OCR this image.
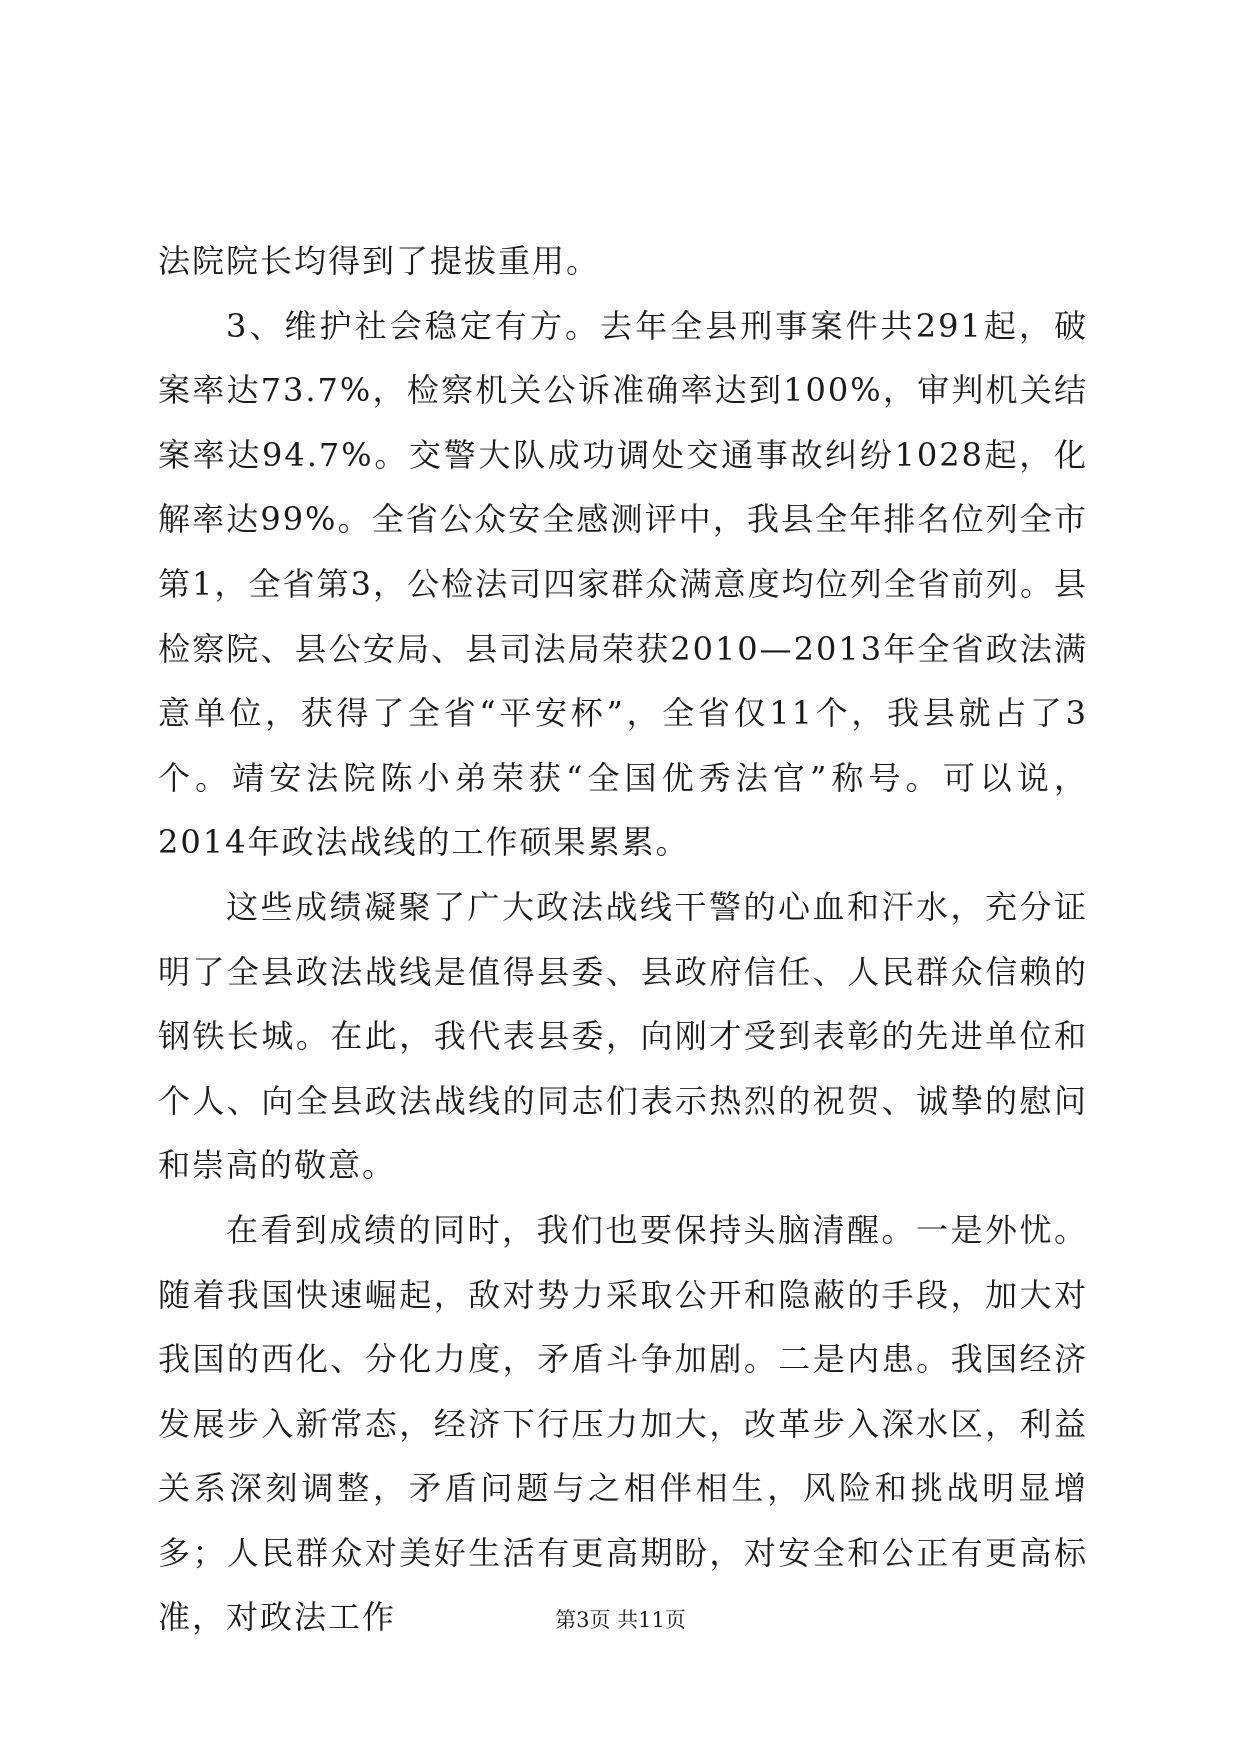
法院院长均得到了提拔重用。

3、维护社会稳定有方。去年全县刑事案件共291起，破案率达73.7%，检察机关公诉准确率达到100%，审判机关结案率达94.7%。交警大队成功调处交通事故纠纷1028起，化解率达99%。全省公众安全感测评中，我县全年排名位列全市第1，全省第3，公检法司四家群众满意度均位列全省前列。县检察院、县公安局、县司法局荣获2010—2013年全省政法满意单位，获得了全省“平安杯”，全省仅11个，我县就占了3个。靖安法院陈小弟荣获“全国优秀法官”称号。可以说，2014年政法战线的工作硕果累累。

这些成绩凝聚了广大政法战线干警的心血和汗水，充分证明了全县政法战线是值得县委、县政府信任、人民群众信赖的钢铁长城。在此，我代表县委，向刚才受到表彰的先进单位和个人、向全县政法战线的同志们表示热烈的祝贺、诚挚的慰问和崇高的敬意。

在看到成绩的同时，我们也要保持头脑清醒。一是外忧。随着我国快速崛起，敌对势力采取公开和隐蔽的手段，加大对我国的西化、分化力度，矛盾斗争加剧。二是内患。我国经济发展步入新常态，经济下行压力加大，改革步入深水区，利益关系深刻调整，矛盾问题与之相伴相生，风险和挑战明显增多；人民群众对美好生活有更高期盼，对安全和公正有更高标准，对政法工作	第3页 共11页
